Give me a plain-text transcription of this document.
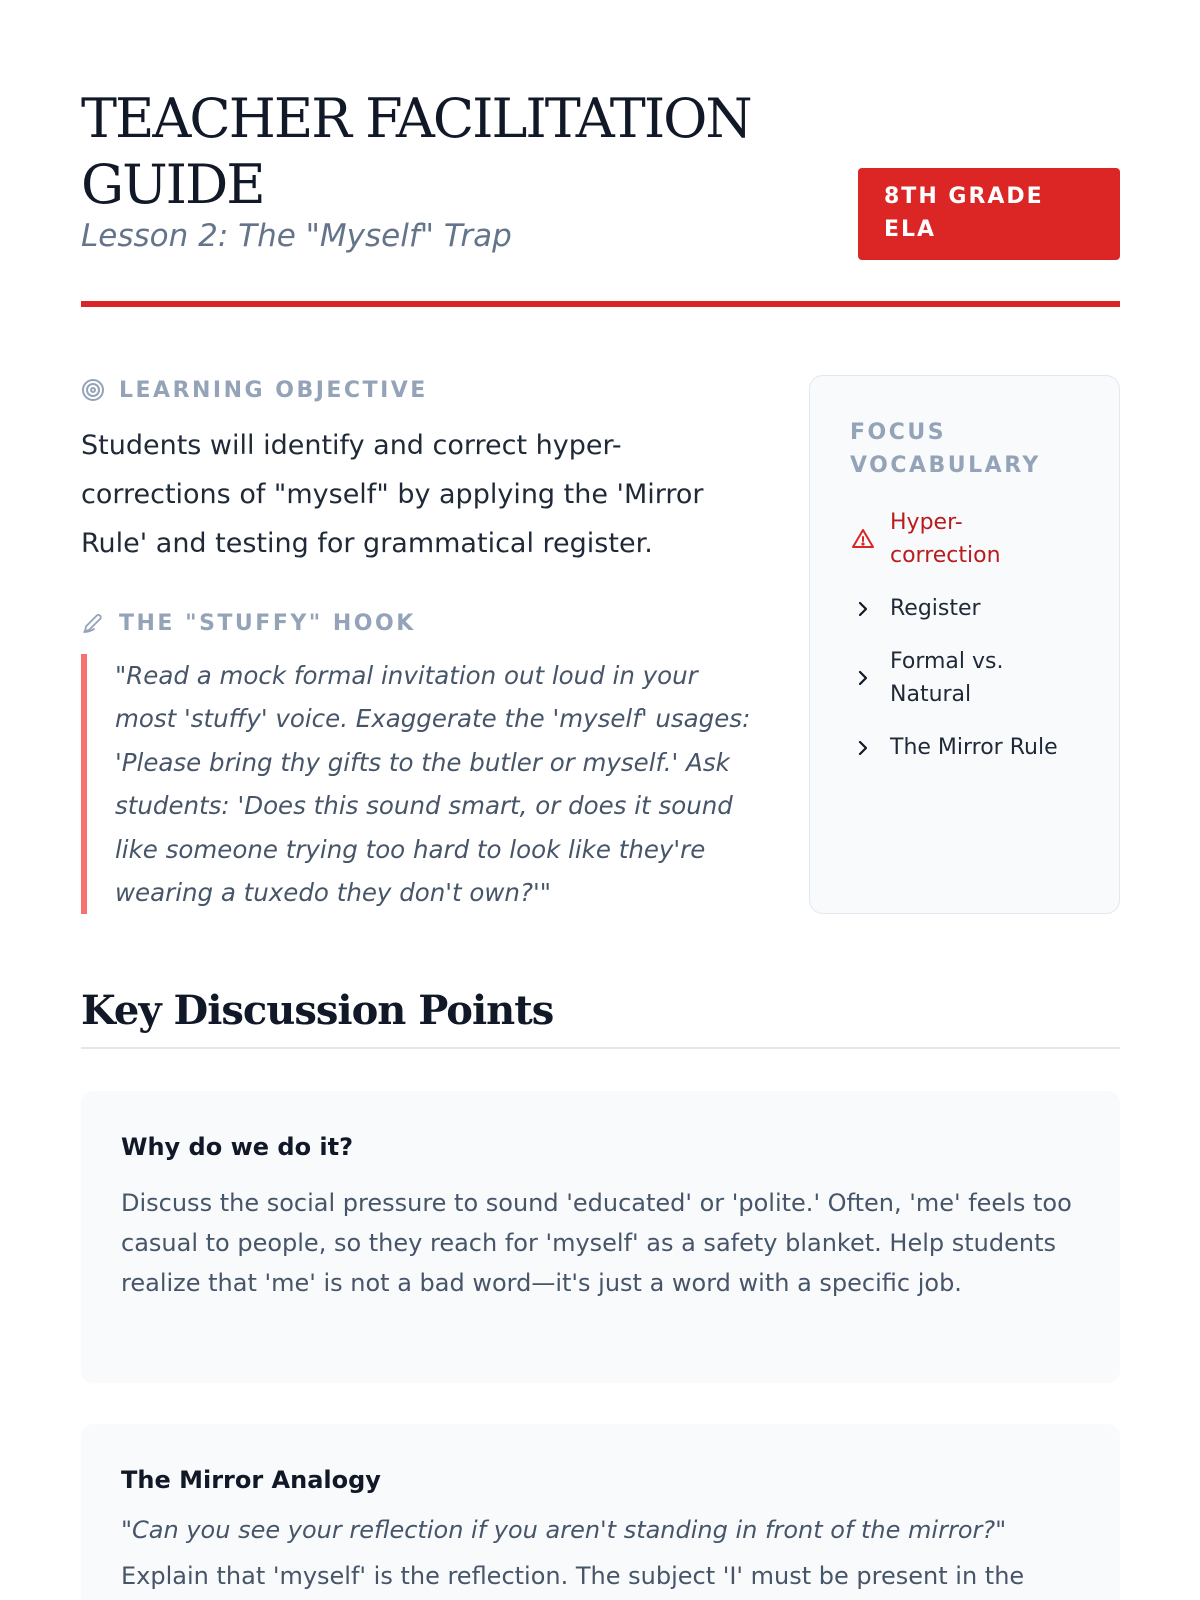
TEACHER FACILITATION GUIDE
Lesson 2: The "Myself" Trap
8TH GRADE ELA
LEARNING OBJECTIVE

Students will identify and correct hyper-corrections of "myself" by applying the 'Mirror Rule' and testing for grammatical register.

THE "STUFFY" HOOK
"Read a mock formal invitation out loud in your most 'stuffy' voice. Exaggerate the 'myself' usages: 'Please bring thy gifts to the butler or myself.' Ask students: 'Does this sound smart, or does it sound like someone trying too hard to look like they're wearing a tuxedo they don't own?'"
FOCUS VOCABULARY
Hyper-correction
Register
Formal vs. Natural
The Mirror Rule
Key Discussion Points
Why do we do it?

Discuss the social pressure to sound 'educated' or 'polite.' Often, 'me' feels too casual to people, so they reach for 'myself' as a safety blanket. Help students realize that 'me' is not a bad word—it's just a word with a specific job.

The Mirror Analogy

"Can you see your reflection if you aren't standing in front of the mirror?"

Explain that 'myself' is the reflection. The subject 'I' must be present in the
